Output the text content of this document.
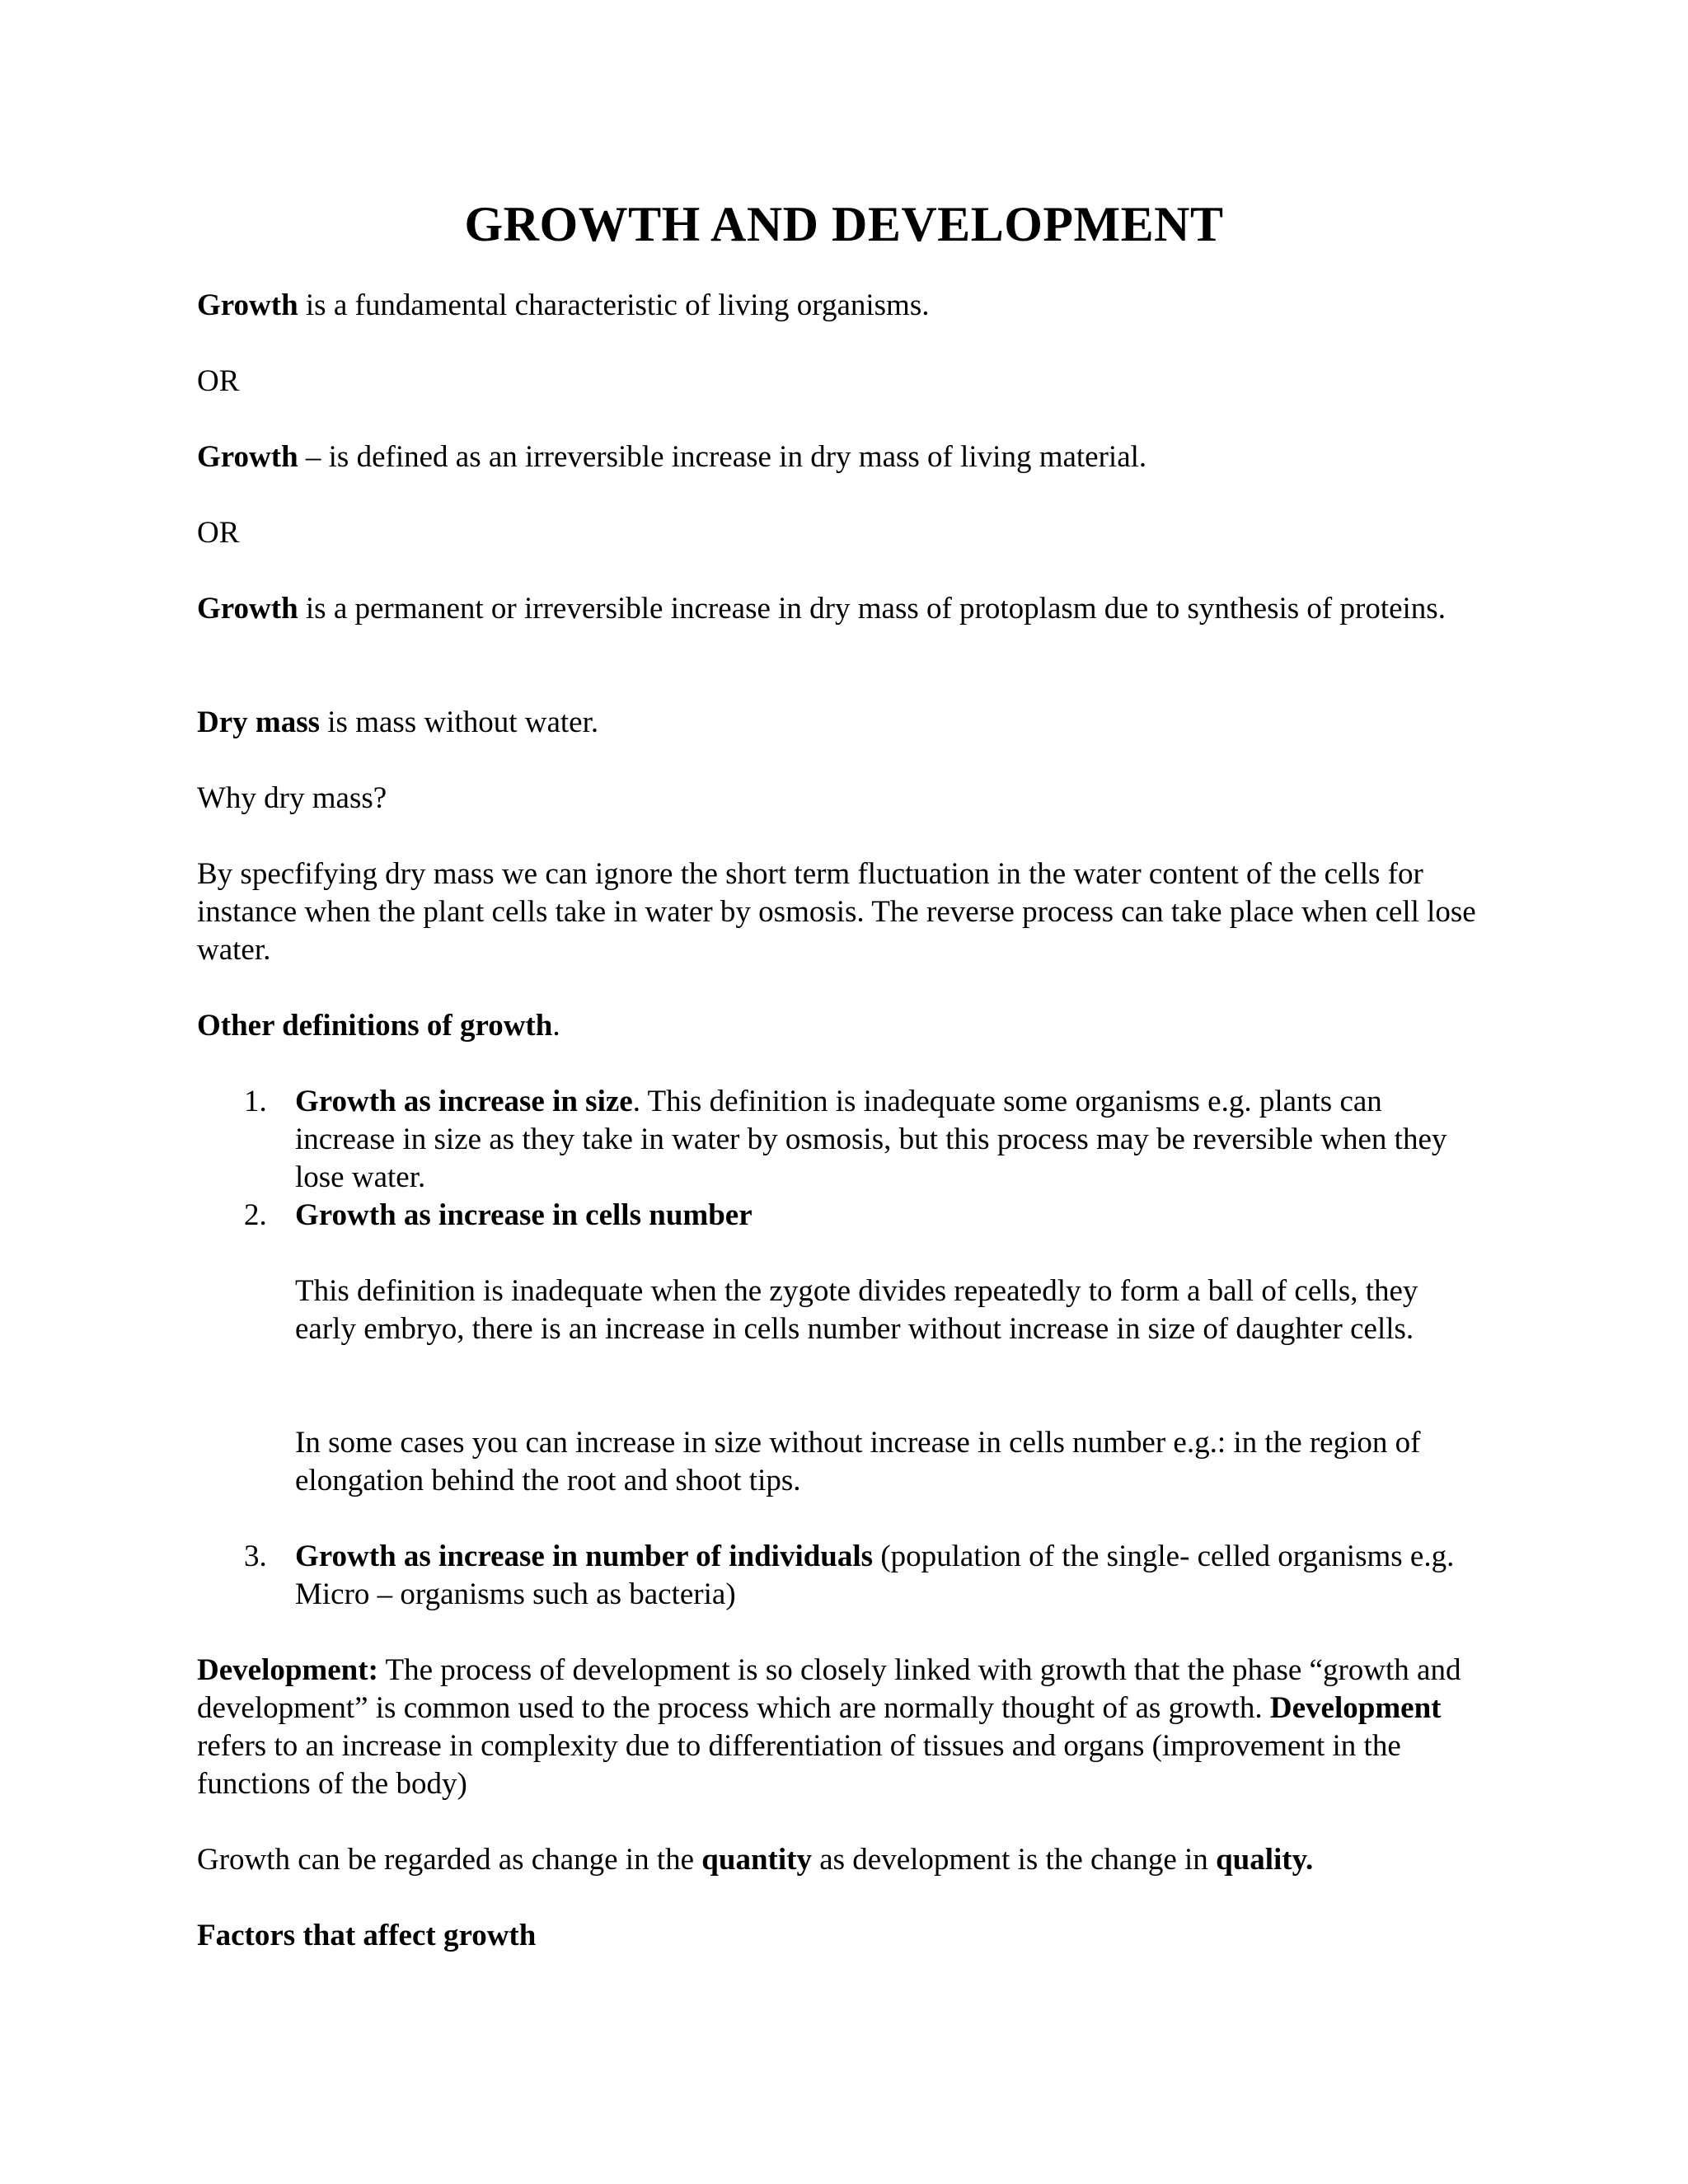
GROWTH AND DEVELOPMENT

Growth is a fundamental characteristic of living organisms.

OR

Growth – is defined as an irreversible increase in dry mass of living material.

OR

Growth is a permanent or irreversible increase in dry mass of protoplasm due to synthesis of proteins.

Dry mass is mass without water.

Why dry mass?

By specfifying dry mass we can ignore the short term fluctuation in the water content of the cells for instance when the plant cells take in water by osmosis. The reverse process can take place when cell lose water.

Other definitions of growth.

1. Growth as increase in size. This definition is inadequate some organisms e.g. plants can increase in size as they take in water by osmosis, but this process may be reversible when they lose water.

2. Growth as increase in cells number

This definition is inadequate when the zygote divides repeatedly to form a ball of cells, they early embryo, there is an increase in cells number without increase in size of daughter cells.

In some cases you can increase in size without increase in cells number e.g.: in the region of elongation behind the root and shoot tips.

3. Growth as increase in number of individuals (population of the single- celled organisms e.g. Micro – organisms such as bacteria)

Development: The process of development is so closely linked with growth that the phase “growth and development” is common used to the process which are normally thought of as growth. Development refers to an increase in complexity due to differentiation of tissues and organs (improvement in the functions of the body)

Growth can be regarded as change in the quantity as development is the change in quality.

Factors that affect growth
